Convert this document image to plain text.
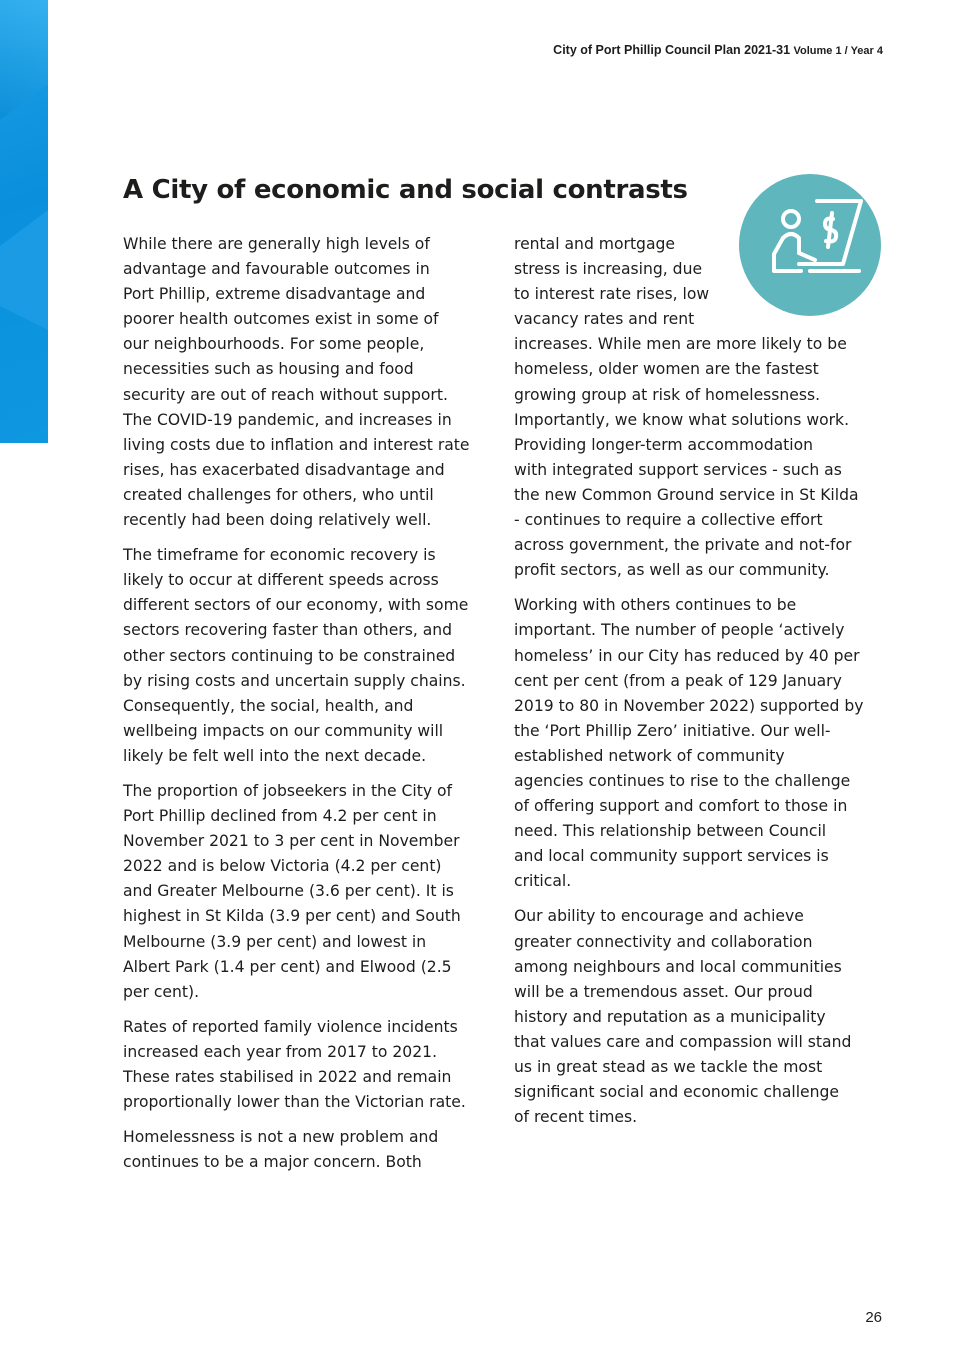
City of Port Phillip Council Plan 2021-31 Volume 1 / Year 4
A City of economic and social contrasts

While there are generally high levels of
advantage and favourable outcomes in
Port Phillip, extreme disadvantage and
poorer health outcomes exist in some of
our neighbourhoods. For some people,
necessities such as housing and food
security are out of reach without support.
The COVID-19 pandemic, and increases in
living costs due to inflation and interest rate
rises, has exacerbated disadvantage and
created challenges for others, who until
recently had been doing relatively well.

The timeframe for economic recovery is
likely to occur at different speeds across
different sectors of our economy, with some
sectors recovering faster than others, and
other sectors continuing to be constrained
by rising costs and uncertain supply chains.
Consequently, the social, health, and
wellbeing impacts on our community will
likely be felt well into the next decade.

The proportion of jobseekers in the City of
Port Phillip declined from 4.2 per cent in
November 2021 to 3 per cent in November
2022 and is below Victoria (4.2 per cent)
and Greater Melbourne (3.6 per cent). It is
highest in St Kilda (3.9 per cent) and South
Melbourne (3.9 per cent) and lowest in
Albert Park (1.4 per cent) and Elwood (2.5
per cent).

Rates of reported family violence incidents
increased each year from 2017 to 2021.
These rates stabilised in 2022 and remain
proportionally lower than the Victorian rate.

Homelessness is not a new problem and
continues to be a major concern. Both

rental and mortgage
stress is increasing, due
to interest rate rises, low
vacancy rates and rent
increases. While men are more likely to be
homeless, older women are the fastest
growing group at risk of homelessness.
Importantly, we know what solutions work.
Providing longer-term accommodation
with integrated support services - such as
the new Common Ground service in St Kilda
- continues to require a collective effort
across government, the private and not-for
profit sectors, as well as our community.

Working with others continues to be
important. The number of people ‘actively
homeless’ in our City has reduced by 40 per
cent per cent (from a peak of 129 January
2019 to 80 in November 2022) supported by
the ‘Port Phillip Zero’ initiative. Our well-
established network of community
agencies continues to rise to the challenge
of offering support and comfort to those in
need. This relationship between Council
and local community support services is
critical.

Our ability to encourage and achieve
greater connectivity and collaboration
among neighbours and local communities
will be a tremendous asset. Our proud
history and reputation as a municipality
that values care and compassion will stand
us in great stead as we tackle the most
significant social and economic challenge
of recent times.

26
